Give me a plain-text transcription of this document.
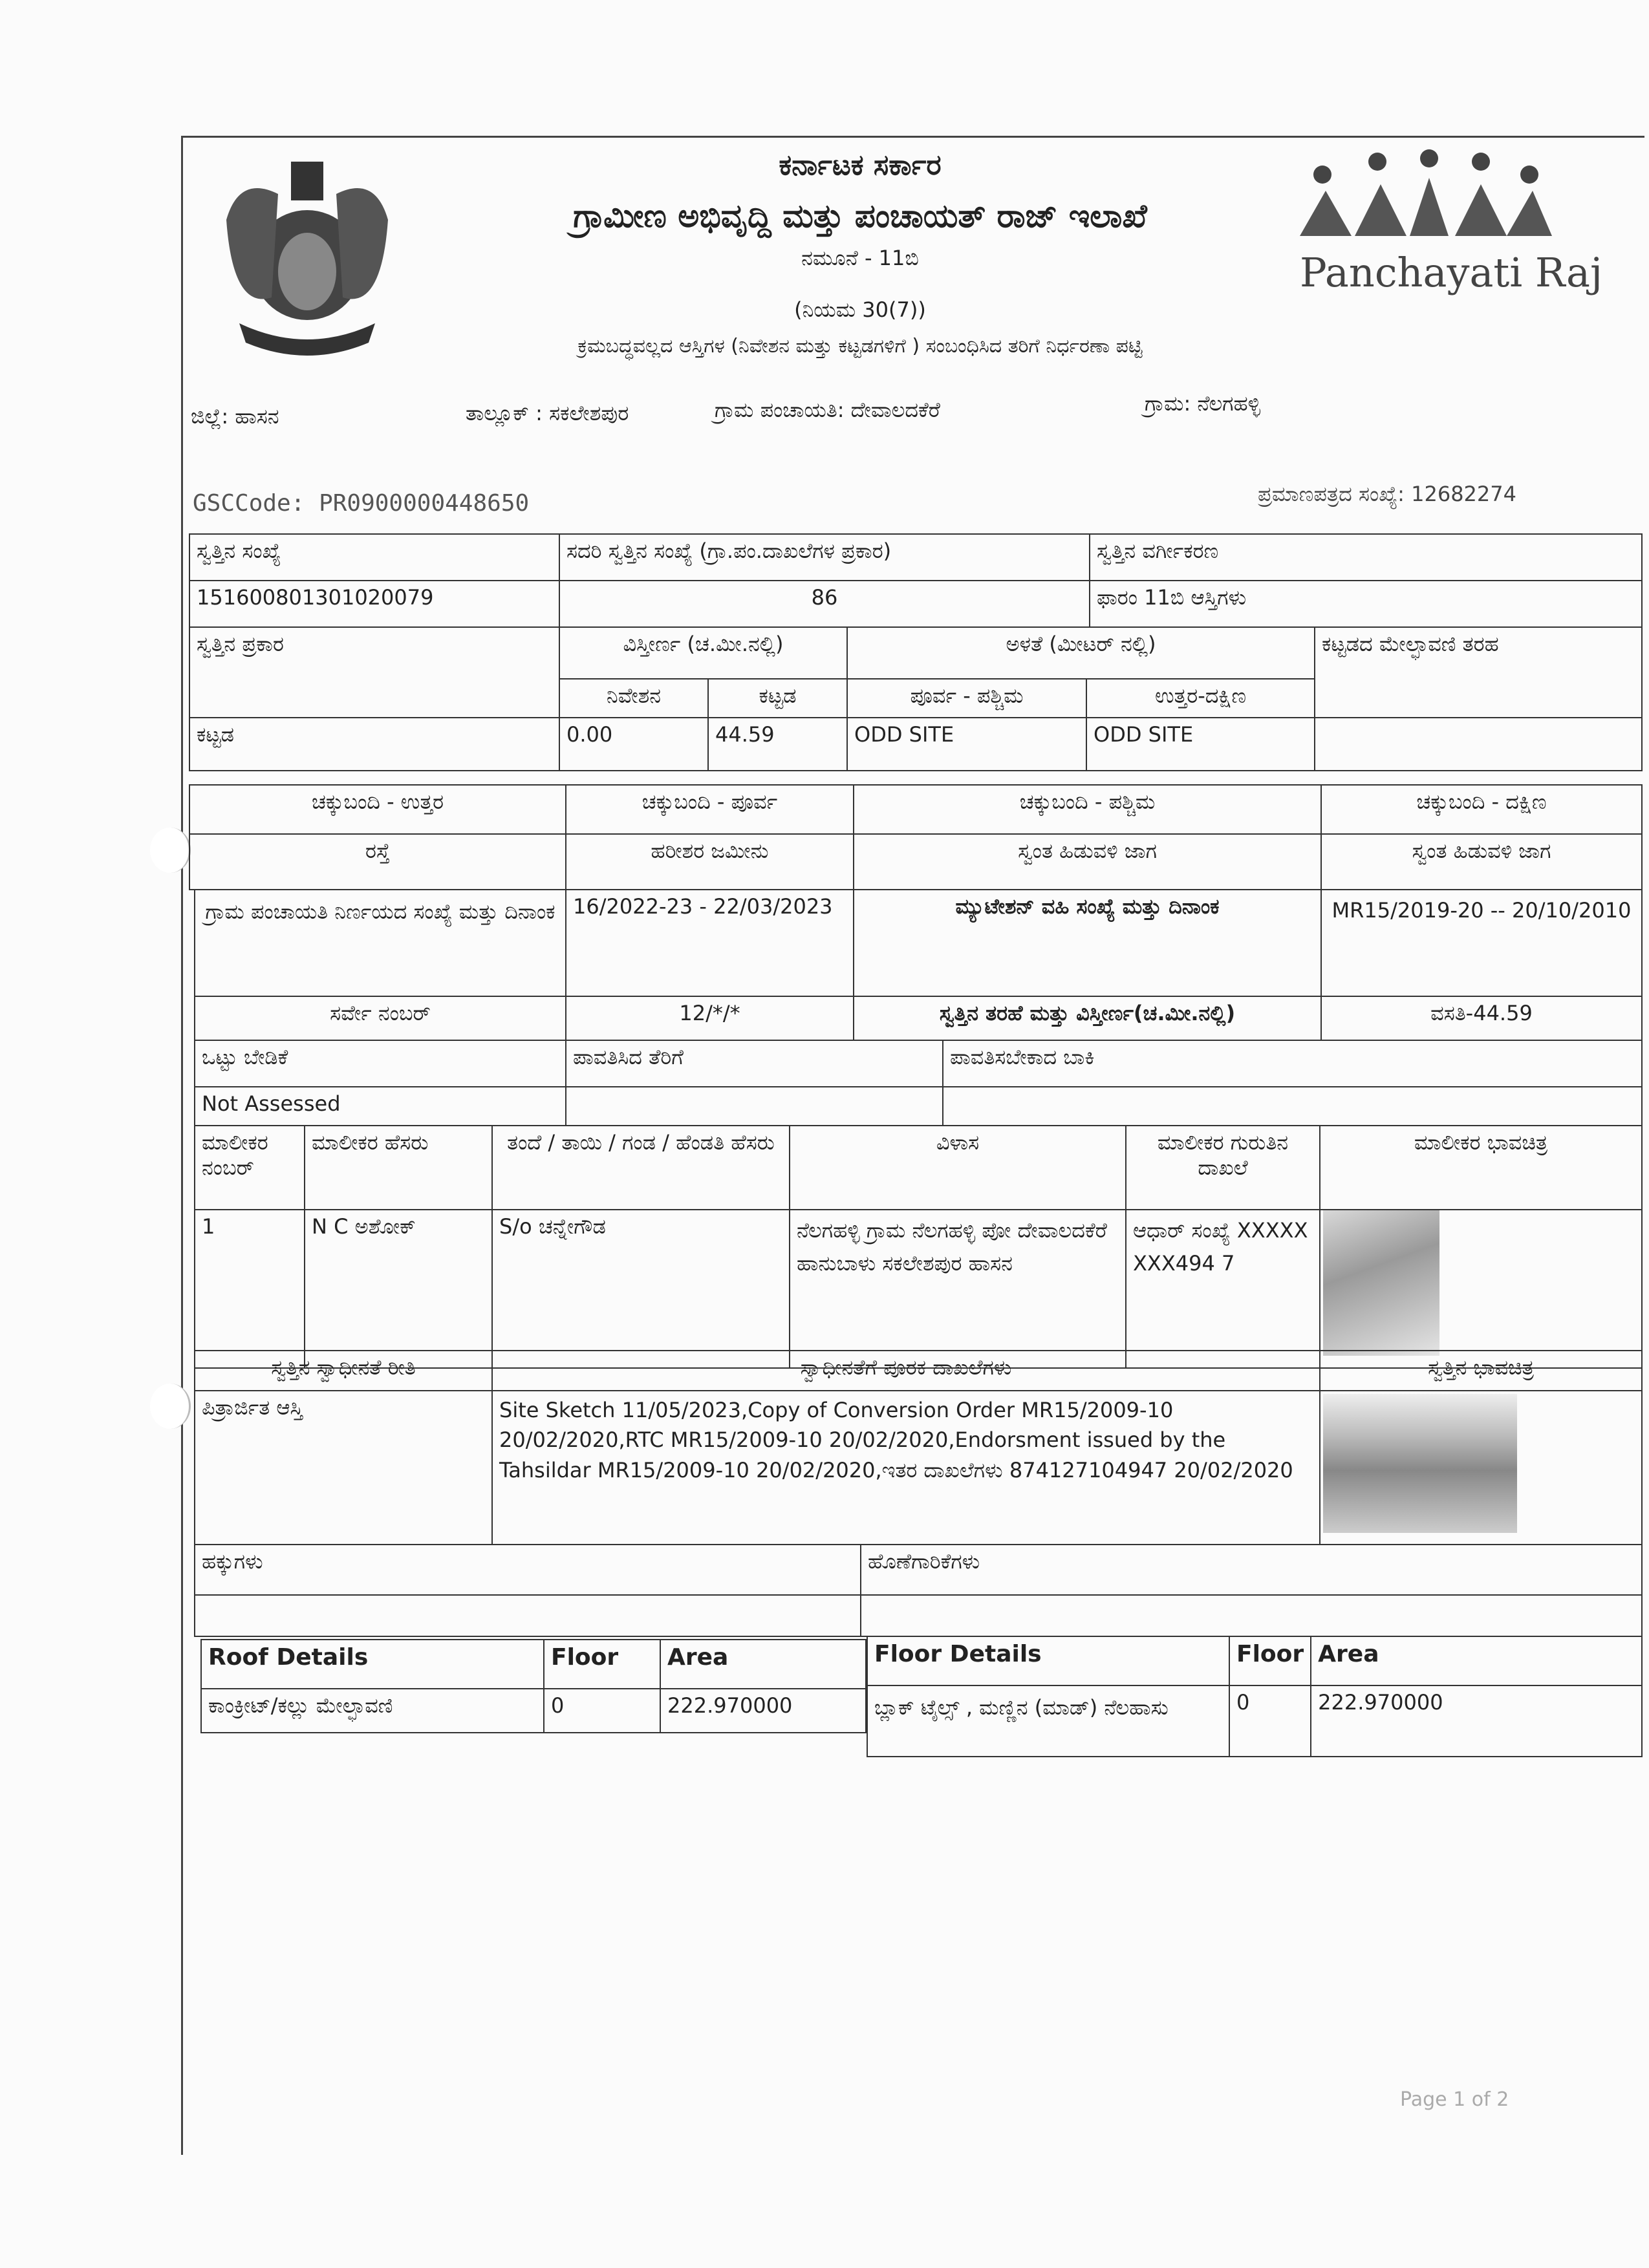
Panchayati Raj
ಕರ್ನಾಟಕ ಸರ್ಕಾರ
ಗ್ರಾಮೀಣ ಅಭಿವೃದ್ದಿ ಮತ್ತು ಪಂಚಾಯತ್ ರಾಜ್ ಇಲಾಖೆ
ನಮೂನೆ - 11ಬಿ
(ನಿಯಮ 30(7))
ಕ್ರಮಬದ್ಧವಲ್ಲದ ಆಸ್ತಿಗಳ (ನಿವೇಶನ ಮತ್ತು ಕಟ್ಟಡಗಳಿಗೆ ) ಸಂಬಂಧಿಸಿದ ತರಿಗೆ ನಿರ್ಧರಣಾ ಪಟ್ಟಿ
ಜಿಲ್ಲೆ: ಹಾಸನ	ತಾಲ್ಲೂಕ್ : ಸಕಲೇಶಪುರ	ಗ್ರಾಮ ಪಂಚಾಯತಿ: ದೇವಾಲದಕೆರೆ	ಗ್ರಾಮ: ನೆಲಗಹಳ್ಳಿ
GSCCode: PR0900000448650	ಪ್ರಮಾಣಪತ್ರದ ಸಂಖ್ಯೆ: 12682274
ಸ್ವತ್ತಿನ ಸಂಖ್ಯೆ	ಸದರಿ ಸ್ವತ್ತಿನ ಸಂಖ್ಯೆ (ಗ್ರಾ.ಪಂ.ದಾಖಲೆಗಳ ಪ್ರಕಾರ)	ಸ್ವತ್ತಿನ ವರ್ಗೀಕರಣ
151600801301020079	86	ಫಾರಂ 11ಬಿ ಆಸ್ತಿಗಳು
ಸ್ವತ್ತಿನ ಪ್ರಕಾರ	ವಿಸ್ತೀರ್ಣ (ಚ.ಮೀ.ನಲ್ಲಿ)		ಅಳತೆ (ಮೀಟರ್ ನಲ್ಲಿ)		ಕಟ್ಟಡದ ಮೇಲ್ಛಾವಣಿ ತರಹ
	ನಿವೇಶನ	ಕಟ್ಟಡ	ಪೂರ್ವ - ಪಶ್ಚಿಮ	ಉತ್ತರ-ದಕ್ಷಿಣ	
ಕಟ್ಟಡ	0.00	44.59	ODD SITE	ODD SITE	
ಚಕ್ಕುಬಂದಿ - ಉತ್ತರ	ಚಕ್ಕುಬಂದಿ - ಪೂರ್ವ	ಚಕ್ಕುಬಂದಿ - ಪಶ್ಚಿಮ	ಚಕ್ಕುಬಂದಿ - ದಕ್ಷಿಣ
ರಸ್ತೆ	ಹರೀಶರ ಜಮೀನು	ಸ್ವಂತ ಹಿಡುವಳಿ ಜಾಗ	ಸ್ವಂತ ಹಿಡುವಳಿ ಜಾಗ
ಗ್ರಾಮ ಪಂಚಾಯತಿ ನಿರ್ಣಯದ ಸಂಖ್ಯೆ ಮತ್ತು ದಿನಾಂಕ	16/2022-23 - 22/03/2023	ಮ್ಯುಟೇಶನ್ ವಹಿ ಸಂಖ್ಯೆ ಮತ್ತು ದಿನಾಂಕ	MR15/2019-20 -- 20/10/2010
ಸರ್ವೇ ನಂಬರ್	12/*/*	ಸ್ವತ್ತಿನ ತರಹೆ ಮತ್ತು ವಿಸ್ತೀರ್ಣ(ಚ.ಮೀ.ನಲ್ಲಿ)	ವಸತಿ-44.59
ಒಟ್ಟು ಬೇಡಿಕೆ	ಪಾವತಿಸಿದ ತೆರಿಗೆ	ಪಾವತಿಸಬೇಕಾದ ಬಾಕಿ
Not Assessed		
ಮಾಲೀಕರ ನಂಬರ್	ಮಾಲೀಕರ ಹೆಸರು	ತಂದೆ / ತಾಯಿ / ಗಂಡ / ಹೆಂಡತಿ ಹೆಸರು	ವಿಳಾಸ	ಮಾಲೀಕರ ಗುರುತಿನ ದಾಖಲೆ	ಮಾಲೀಕರ ಭಾವಚಿತ್ರ
1	N C ಅಶೋಕ್	S/o ಚನ್ನೇಗೌಡ	ನೆಲಗಹಳ್ಳಿ ಗ್ರಾಮ ನೆಲಗಹಳ್ಳಿ ಪೋ ದೇವಾಲದಕೆರೆ ಹಾನುಬಾಳು ಸಕಲೇಶಪುರ ಹಾಸನ	ಆಧಾರ್ ಸಂಖ್ಯೆ XXXXXXXX494 7	
ಸ್ವತ್ತಿನ ಸ್ವಾಧೀನತೆ ರೀತಿ	ಸ್ವಾಧೀನತೆಗೆ ಪೂರಕ ದಾಖಲೆಗಳು	ಸ್ವತ್ತಿನ ಭಾವಚಿತ್ರ
ಪಿತ್ರಾರ್ಜಿತ ಆಸ್ತಿ	Site Sketch 11/05/2023,Copy of Conversion Order MR15/2009-10 20/02/2020,RTC MR15/2009-10 20/02/2020,Endorsment issued by the Tahsildar MR15/2009-10 20/02/2020,ಇತರ ದಾಖಲೆಗಳು 874127104947 20/02/2020	
ಹಕ್ಕುಗಳು	ಹೊಣೆಗಾರಿಕೆಗಳು

Roof Details	Floor	Area
ಕಾಂಕ್ರೀಟ್/ಕಲ್ಲು ಮೇಲ್ಛಾವಣಿ	0	222.970000
Floor Details	Floor	Area
ಬ್ಲಾಕ್ ಟೈಲ್ಸ್ , ಮಣ್ಣಿನ (ಮಾಡ್) ನೆಲಹಾಸು	0	222.970000
Page 1 of 2
